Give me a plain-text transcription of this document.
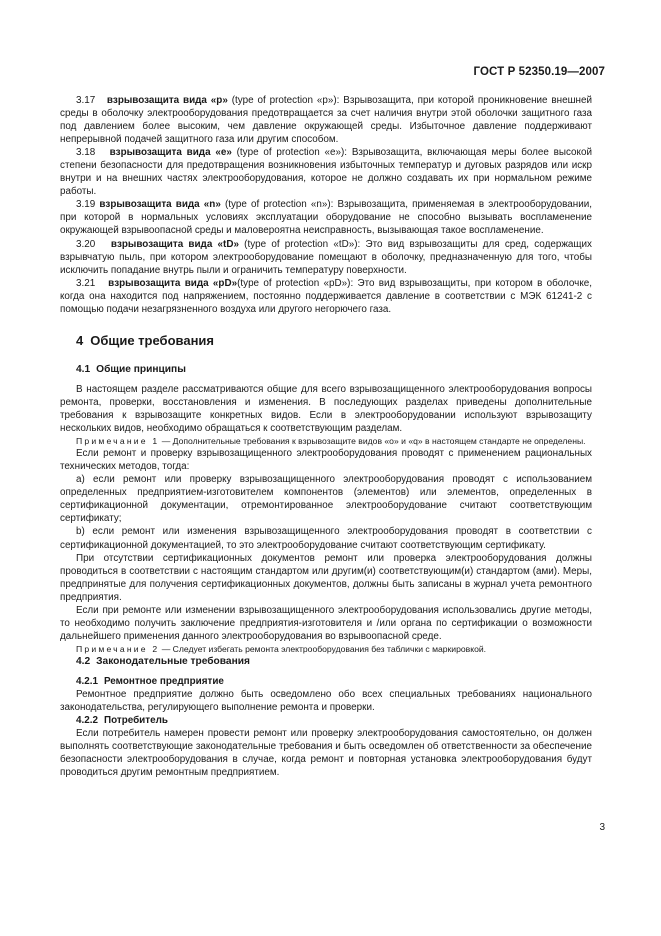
ГОСТ Р 52350.19—2007

3.17 взрывозащита вида «р» (type of protection «р»): Взрывозащита, при которой проникновение внешней среды в оболочку электрооборудования предотвращается за счет наличия внутри этой оболочки защитного газа под давлением более высоким, чем давление окружающей среды. Избыточное давление поддерживают непрерывной подачей защитного газа или другим способом.

3.18 взрывозащита вида «е» (type of protection «е»): Взрывозащита, включающая меры более высокой степени безопасности для предотвращения возникновения избыточных температур и дуговых разрядов или искр внутри и на внешних частях электрооборудования, которое не должно создавать их при нормальном режиме работы.

3.19 взрывозащита вида «n» (type of protection «n»): Взрывозащита, применяемая в электрооборудовании, при которой в нормальных условиях эксплуатации оборудование не способно вызывать воспламенение окружающей взрывоопасной среды и маловероятна неисправность, вызывающая такое воспламенение.

3.20 взрывозащита вида «tD» (type of protection «tD»): Это вид взрывозащиты для сред, содержащих взрывчатую пыль, при котором электрооборудование помещают в оболочку, предназначенную для того, чтобы исключить попадание внутрь пыли и ограничить температуру поверхности.

3.21 взрывозащита вида «pD»(type of protection «pD»): Это вид взрывозащиты, при котором в оболочке, когда она находится под напряжением, постоянно поддерживается давление в соответствии с МЭК 61241-2 с помощью подачи незагрязненного воздуха или другого негорючего газа.

4 Общие требования
4.1 Общие принципы

В настоящем разделе рассматриваются общие для всего взрывозащищенного электрооборудования вопросы ремонта, проверки, восстановления и изменения. В последующих разделах приведены дополнительные требования к взрывозащите конкретных видов. Если в электрооборудовании используют взрывозащиту нескольких видов, необходимо обращаться к соответствующим разделам.

Примечание 1 — Дополнительные требования к взрывозащите видов «о» и «q» в настоящем стандарте не определены.

Если ремонт и проверку взрывозащищенного электрооборудования проводят с применением рациональных технических методов, тогда:

а) если ремонт или проверку взрывозащищенного электрооборудования проводят с использованием определенных предприятием-изготовителем компонентов (элементов) или элементов, определенных в сертификационной документации, отремонтированное электрооборудование считают соответствующим сертификату;

b) если ремонт или изменения взрывозащищенного электрооборудования проводят в соответствии с сертификационной документацией, то это электрооборудование считают соответствующим сертификату.

При отсутствии сертификационных документов ремонт или проверка электрооборудования должны проводиться в соответствии с настоящим стандартом или другим(и) соответствующим(и) стандартом (ами). Меры, предпринятые для получения сертификационных документов, должны быть записаны в журнал учета ремонтного предприятия.

Если при ремонте или изменении взрывозащищенного электрооборудования использовались другие методы, то необходимо получить заключение предприятия-изготовителя и /или органа по сертификации о возможности дальнейшего применения данного электрооборудования во взрывоопасной среде.

Примечание 2 — Следует избегать ремонта электрооборудования без таблички с маркировкой.

4.2 Законодательные требования

4.2.1 Ремонтное предприятие

Ремонтное предприятие должно быть осведомлено обо всех специальных требованиях национального законодательства, регулирующего выполнение ремонта и проверки.

4.2.2 Потребитель

Если потребитель намерен провести ремонт или проверку электрооборудования самостоятельно, он должен выполнять соответствующие законодательные требования и быть осведомлен об ответственности за обеспечение безопасности электрооборудования в случае, когда ремонт и повторная установка электрооборудования будут проводиться другим ремонтным предприятием.

3
